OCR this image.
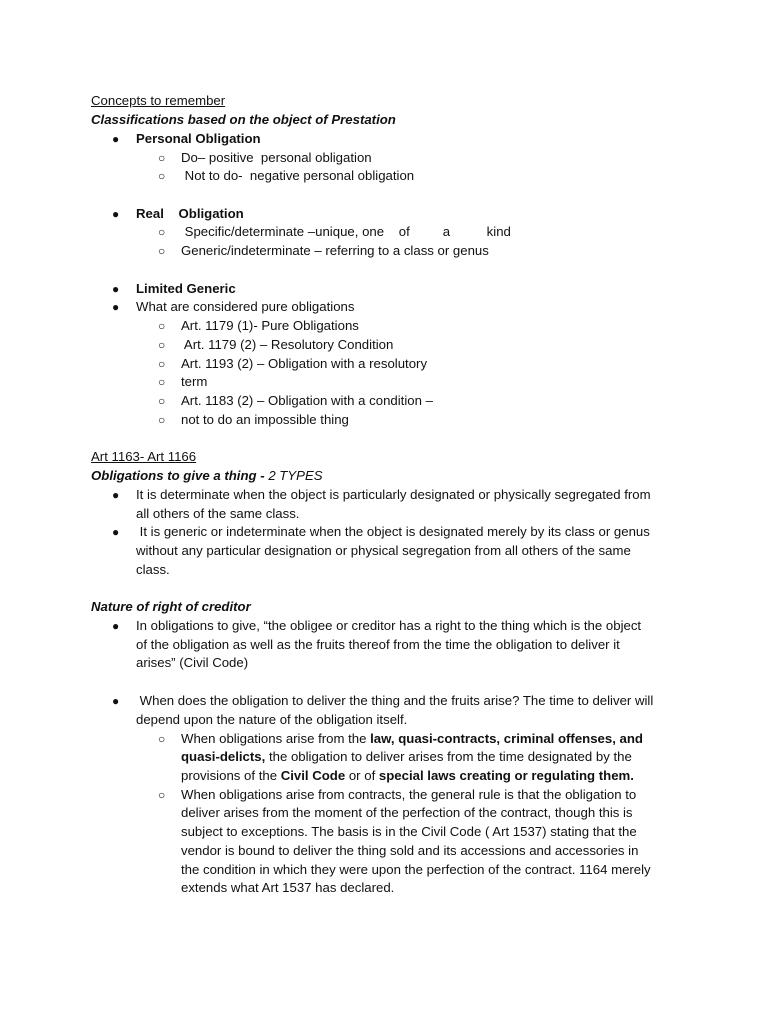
Concepts to remember
Classifications based on the object of Prestation
● Personal Obligation
○ Do– positive  personal obligation
○ Not to do-  negative personal obligation
● Real    Obligation
○ Specific/determinate –unique, one    of         a          kind
○ Generic/indeterminate – referring to a class or genus
● Limited Generic
● What are considered pure obligations
○ Art. 1179 (1)- Pure Obligations
○ Art. 1179 (2) – Resolutory Condition
○ Art. 1193 (2) – Obligation with a resolutory
○ term
○ Art. 1183 (2) – Obligation with a condition –
○ not to do an impossible thing
Art 1163- Art 1166
Obligations to give a thing - 2 TYPES
● It is determinate when the object is particularly designated or physically segregated from
all others of the same class.
● It is generic or indeterminate when the object is designated merely by its class or genus
without any particular designation or physical segregation from all others of the same
class.
Nature of right of creditor
● In obligations to give, “the obligee or creditor has a right to the thing which is the object
of the obligation as well as the fruits thereof from the time the obligation to deliver it
arises” (Civil Code)
● When does the obligation to deliver the thing and the fruits arise? The time to deliver will
depend upon the nature of the obligation itself.
○ When obligations arise from the law, quasi-contracts, criminal offenses, and
quasi-delicts, the obligation to deliver arises from the time designated by the
provisions of the Civil Code or of special laws creating or regulating them.
○ When obligations arise from contracts, the general rule is that the obligation to
deliver arises from the moment of the perfection of the contract, though this is
subject to exceptions. The basis is in the Civil Code ( Art 1537) stating that the
vendor is bound to deliver the thing sold and its accessions and accessories in
the condition in which they were upon the perfection of the contract. 1164 merely
extends what Art 1537 has declared.
